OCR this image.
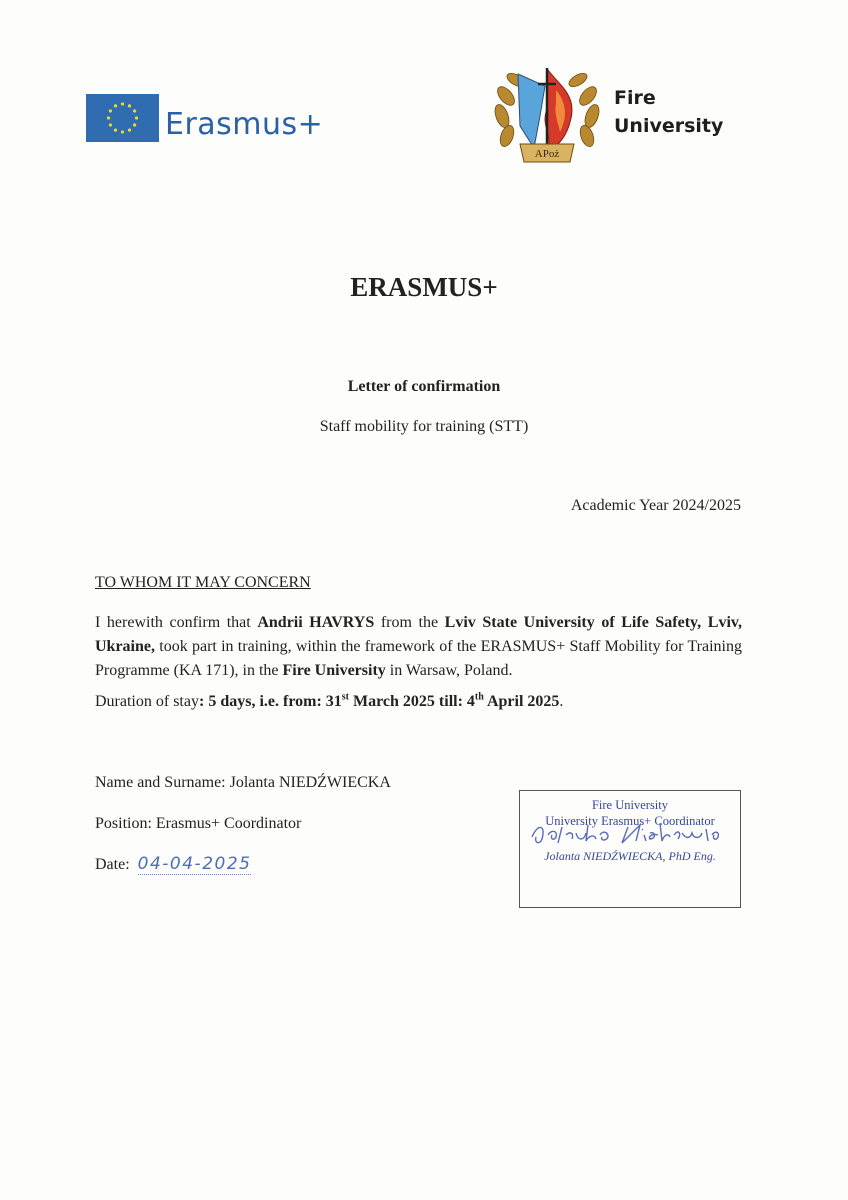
Erasmus+
APoż
Fire
University
ERASMUS+
Letter of confirmation
Staff mobility for training (STT)
Academic Year 2024/2025
TO WHOM IT MAY CONCERN
I herewith confirm that Andrii HAVRYS from the Lviv State University of Life Safety, Lviv, Ukraine, took part in training, within the framework of the ERASMUS+ Staff Mobility for Training Programme (KA 171), in the Fire University in Warsaw, Poland.
Duration of stay: 5 days, i.e. from: 31st March 2025 till: 4th April 2025.
Name and Surname: Jolanta NIEDŹWIECKA
Position: Erasmus+ Coordinator
Date: 04-04-2025
Fire University
University Erasmus+ Coordinator
Jolanta NIEDŹWIECKA, PhD Eng.
